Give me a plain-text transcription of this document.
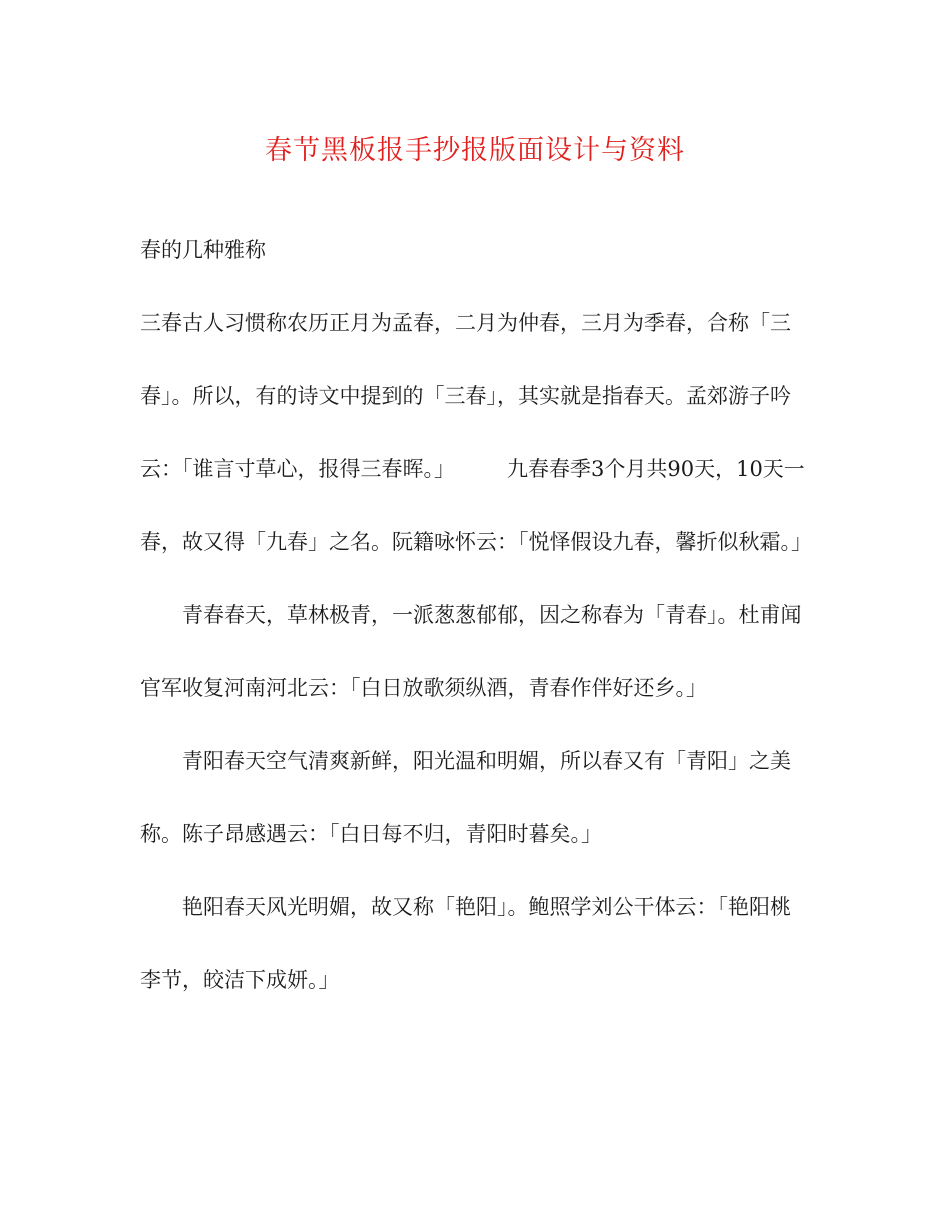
春节黑板报手抄报版面设计与资料

春的几种雅称

三春古人习惯称农历正月为孟春，二月为仲春，三月为季春，合称「三春」。所以，有的诗文中提到的「三春」，其实就是指春天。孟郊游子吟云：「谁言寸草心，报得三春晖。」 九春春季3个月共90天，10天一春，故又得「九春」之名。阮籍咏怀云：「悦怿假设九春，馨折似秋霜。」

青春春天，草林极青，一派葱葱郁郁，因之称春为「青春」。杜甫闻官军收复河南河北云：「白日放歌须纵酒，青春作伴好还乡。」

青阳春天空气清爽新鲜，阳光温和明媚，所以春又有「青阳」之美称。陈子昂感遇云：「白日每不归，青阳时暮矣。」

艳阳春天风光明媚，故又称「艳阳」。鲍照学刘公干体云：「艳阳桃李节，皎洁下成妍。」
